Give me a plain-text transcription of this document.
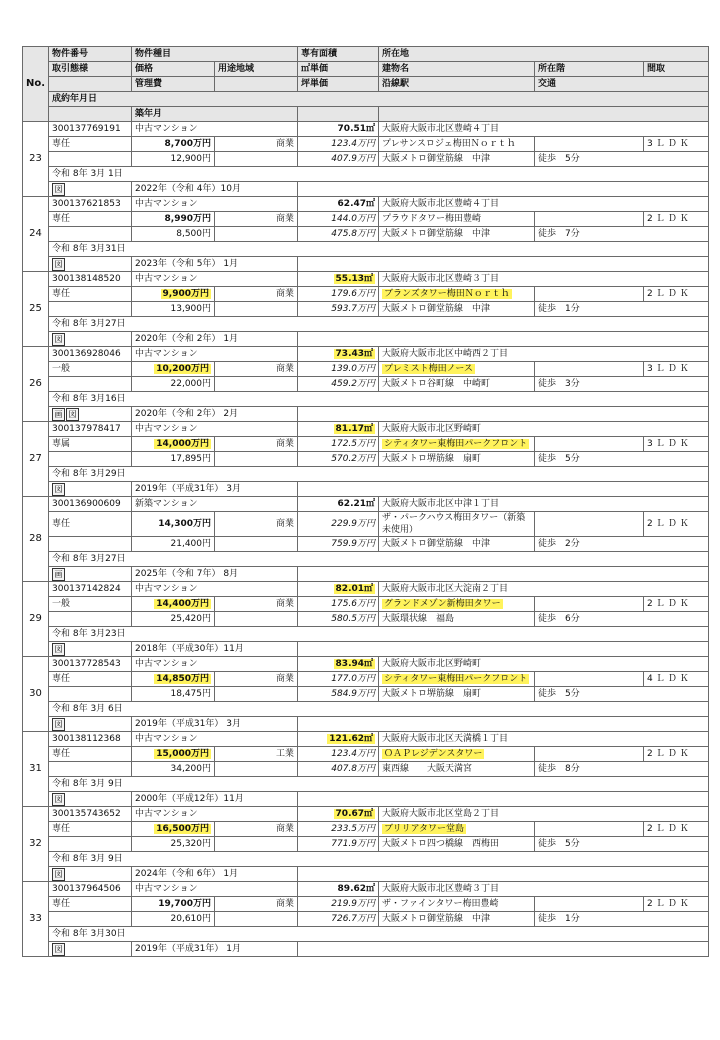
No.	物件番号	物件種目		専有面積	所在地		
	取引態様	価格	用途地域	㎡単価	建物名	所在階	間取
		管理費		坪単価	沿線駅	交通	
	成約年月日						
		築年月					
23	300137769191	中古マンション		70.51㎡	大阪府大阪市北区豊崎４丁目		
	専任	8,700万円	商業	123.4万円	プレサンスロジェ梅田Ｎｏｒｔｈ		3ＬＤＫ
		12,900円		407.9万円	大阪メトロ御堂筋線　中津	徒歩　5分	
	令和 8年 3月 1日						
	図	2022年（令和 4年）10月					
24	300137621853	中古マンション		62.47㎡	大阪府大阪市北区豊崎４丁目		
	専任	8,990万円	商業	144.0万円	プラウドタワー梅田豊崎		2ＬＤＫ
		8,500円		475.8万円	大阪メトロ御堂筋線　中津	徒歩　7分	
	令和 8年 3月31日						
	図	2023年（令和 5年） 1月					
25	300138148520	中古マンション		55.13㎡	大阪府大阪市北区豊崎３丁目		
	専任	9,900万円	商業	179.6万円	ブランズタワー梅田Ｎｏｒｔｈ		2ＬＤＫ
		13,900円		593.7万円	大阪メトロ御堂筋線　中津	徒歩　1分	
	令和 8年 3月27日						
	図	2020年（令和 2年） 1月					
26	300136928046	中古マンション		73.43㎡	大阪府大阪市北区中崎西２丁目		
	一般	10,200万円	商業	139.0万円	プレミスト梅田ノース		3ＬＤＫ
		22,000円		459.2万円	大阪メトロ谷町線　中崎町	徒歩　3分	
	令和 8年 3月16日						
	画 図	2020年（令和 2年） 2月					
27	300137978417	中古マンション		81.17㎡	大阪府大阪市北区野崎町		
	専属	14,000万円	商業	172.5万円	シティタワー東梅田パークフロント		3ＬＤＫ
		17,895円		570.2万円	大阪メトロ堺筋線　扇町	徒歩　5分	
	令和 8年 3月29日						
	図	2019年（平成31年） 3月					
28	300136900609	新築マンション		62.21㎡	大阪府大阪市北区中津１丁目		
	専任	14,300万円	商業	229.9万円	ザ・パークハウス梅田タワー（新築未使用）		2ＬＤＫ
		21,400円		759.9万円	大阪メトロ御堂筋線　中津	徒歩　2分	
	令和 8年 3月27日						
	画	2025年（令和 7年） 8月					
29	300137142824	中古マンション		82.01㎡	大阪府大阪市北区大淀南２丁目		
	一般	14,400万円	商業	175.6万円	グランドメゾン新梅田タワー		2ＬＤＫ
		25,420円		580.5万円	大阪環状線　福島	徒歩　6分	
	令和 8年 3月23日						
	図	2018年（平成30年）11月					
30	300137728543	中古マンション		83.94㎡	大阪府大阪市北区野崎町		
	専任	14,850万円	商業	177.0万円	シティタワー東梅田パークフロント		4ＬＤＫ
		18,475円		584.9万円	大阪メトロ堺筋線　扇町	徒歩　5分	
	令和 8年 3月 6日						
	図	2019年（平成31年） 3月					
31	300138112368	中古マンション		121.62㎡	大阪府大阪市北区天満橋１丁目		
	専任	15,000万円	工業	123.4万円	ＯＡＰレジデンスタワー		2ＬＤＫ
		34,200円		407.8万円	東西線　　大阪天満宮	徒歩　8分	
	令和 8年 3月 9日						
	図	2000年（平成12年）11月					
32	300135743652	中古マンション		70.67㎡	大阪府大阪市北区堂島２丁目		
	専任	16,500万円	商業	233.5万円	ブリリアタワー堂島		2ＬＤＫ
		25,320円		771.9万円	大阪メトロ四つ橋線　西梅田	徒歩　5分	
	令和 8年 3月 9日						
	図	2024年（令和 6年） 1月					
33	300137964506	中古マンション		89.62㎡	大阪府大阪市北区豊崎３丁目		
	専任	19,700万円	商業	219.9万円	ザ・ファインタワー梅田豊崎		2ＬＤＫ
		20,610円		726.7万円	大阪メトロ御堂筋線　中津	徒歩　1分	
	令和 8年 3月30日						
	図	2019年（平成31年） 1月					
